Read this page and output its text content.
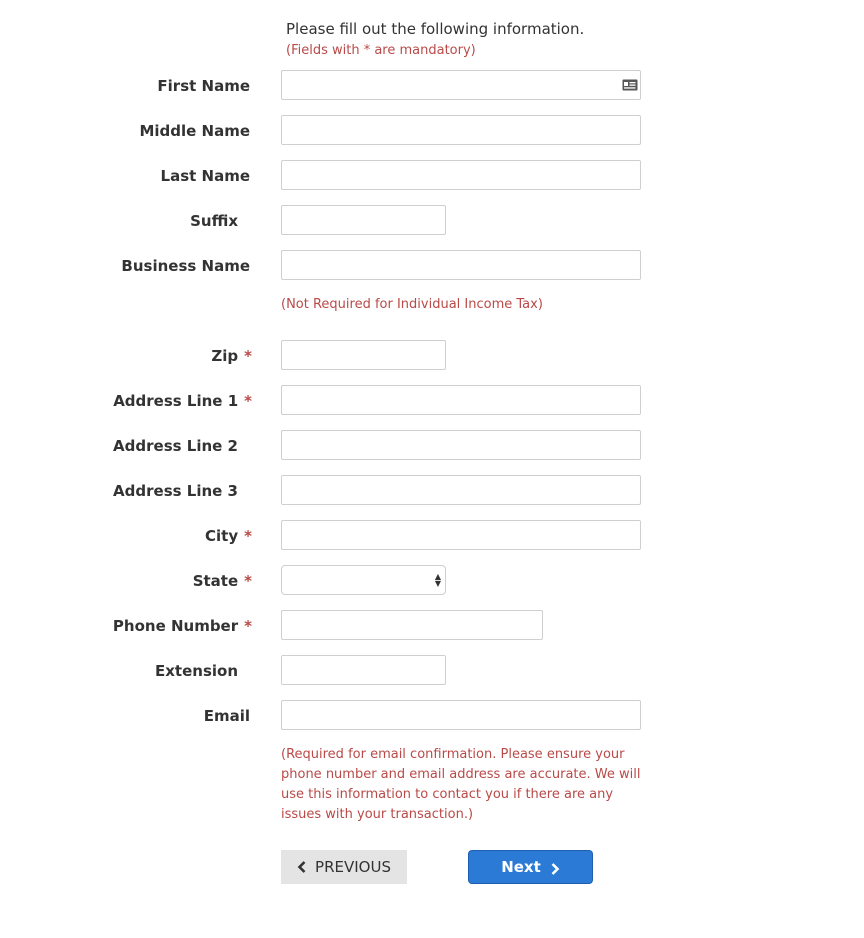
Please fill out the following information.
(Fields with * are mandatory)
First Name
Middle Name
Last Name
Suffix
Business Name
(Not Required for Individual Income Tax)
Zip *
Address Line 1 *
Address Line 2
Address Line 3
City *
State *	▲
▼
Phone Number *
Extension
Email
(Required for email confirmation. Please ensure your phone number and email address are accurate. We will use this information to contact you if there are any issues with your transaction.)
PREVIOUS	Next
